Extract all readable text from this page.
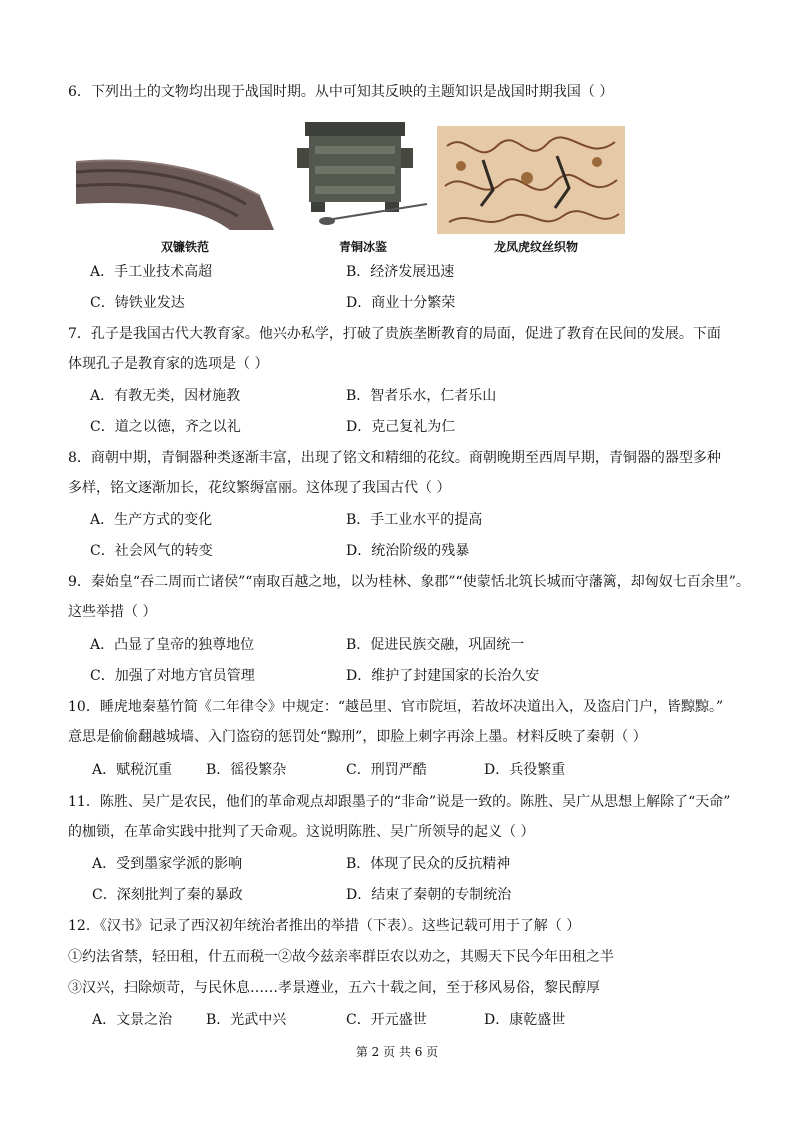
6．下列出土的文物均出现于战国时期。从中可知其反映的主题知识是战国时期我国（ ）
双镰铁范	青铜冰鉴	龙凤虎纹丝织物
A．手工业技术高超	B．经济发展迅速
C．铸铁业发达	D．商业十分繁荣
7．孔子是我国古代大教育家。他兴办私学，打破了贵族垄断教育的局面，促进了教育在民间的发展。下面
体现孔子是教育家的选项是（ ）
A．有教无类，因材施教	B．智者乐水，仁者乐山
C．道之以德，齐之以礼	D．克己复礼为仁
8．商朝中期，青铜器种类逐渐丰富，出现了铭文和精细的花纹。商朝晚期至西周早期，青铜器的器型多种
多样，铭文逐渐加长，花纹繁缛富丽。这体现了我国古代（ ）
A．生产方式的变化	B．手工业水平的提高
C．社会风气的转变	D．统治阶级的残暴
9．秦始皇“吞二周而亡诸侯”“南取百越之地，以为桂林、象郡”“使蒙恬北筑长城而守藩篱，却匈奴七百余里”。
这些举措（ ）
A．凸显了皇帝的独尊地位	B．促进民族交融，巩固统一
C．加强了对地方官员管理	D．维护了封建国家的长治久安
10．睡虎地秦墓竹简《二年律令》中规定：“越邑里、官市院垣，若故坏决道出入，及盗启门户，皆黥黥。”
意思是偷偷翻越城墙、入门盗窃的惩罚处“黥刑”，即脸上刺字再涂上墨。材料反映了秦朝（ ）
A．赋税沉重 B．徭役繁杂	C．刑罚严酷	D．兵役繁重
11．陈胜、吴广是农民，他们的革命观点却跟墨子的“非命”说是一致的。陈胜、吴广从思想上解除了“天命”
的枷锁，在革命实践中批判了天命观。这说明陈胜、吴广所领导的起义（ ）
A．受到墨家学派的影响	B．体现了民众的反抗精神
C．深刻批判了秦的暴政	D．结束了秦朝的专制统治
12．《汉书》记录了西汉初年统治者推出的举措（下表）。这些记载可用于了解（ ）
①约法省禁，轻田租，什五而税一②故今兹亲率群臣农以劝之，其赐天下民今年田租之半
③汉兴，扫除烦苛，与民休息……孝景遵业，五六十载之间，至于移风易俗，黎民醇厚
A．文景之治 B．光武中兴	C．开元盛世	D．康乾盛世
第 2 页 共 6 页
